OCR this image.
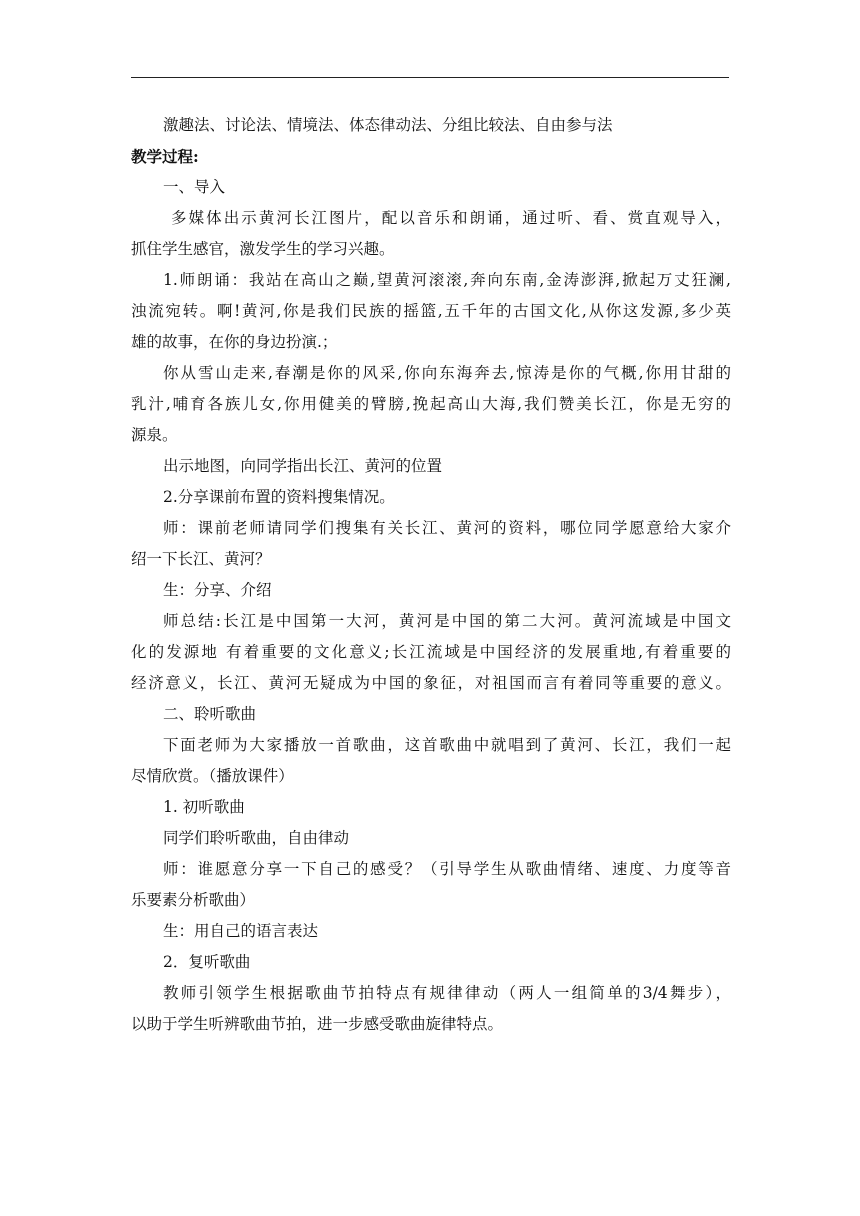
激趣法、讨论法、情境法、体态律动法、分组比较法、自由参与法
教学过程:
一、导入
多媒体出示黄河长江图片，配以音乐和朗诵，通过听、看、赏直观导入，
抓住学生感官，激发学生的学习兴趣。
1.师朗诵：我站在高山之巅,望黄河滚滚,奔向东南,金涛澎湃,掀起万丈狂澜,
浊流宛转。啊!黄河,你是我们民族的摇篮,五千年的古国文化,从你这发源,多少英
雄的故事，在你的身边扮演.；
你从雪山走来,春潮是你的风采,你向东海奔去,惊涛是你的气概,你用甘甜的
乳汁,哺育各族儿女,你用健美的臂膀,挽起高山大海,我们赞美长江，你是无穷的
源泉。
出示地图，向同学指出长江、黄河的位置
2.分享课前布置的资料搜集情况。
师：课前老师请同学们搜集有关长江、黄河的资料，哪位同学愿意给大家介
绍一下长江、黄河？
生：分享、介绍
师总结:长江是中国第一大河，黄河是中国的第二大河。黄河流域是中国文
化的发源地 有着重要的文化意义;长江流域是中国经济的发展重地,有着重要的
经济意义，长江、黄河无疑成为中国的象征，对祖国而言有着同等重要的意义。
二、聆听歌曲
下面老师为大家播放一首歌曲，这首歌曲中就唱到了黄河、长江，我们一起
尽情欣赏。（播放课件）
1. 初听歌曲
同学们聆听歌曲，自由律动
师：谁愿意分享一下自己的感受？（引导学生从歌曲情绪、速度、力度等音
乐要素分析歌曲）
生：用自己的语言表达
2．复听歌曲
教师引领学生根据歌曲节拍特点有规律律动（两人一组简单的3/4舞步），
以助于学生听辨歌曲节拍，进一步感受歌曲旋律特点。
